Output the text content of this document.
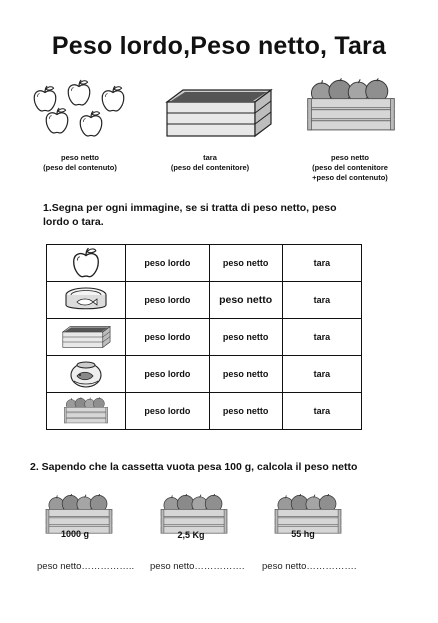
Peso lordo,Peso netto, Tara
peso netto
(peso del contenuto)
tara
(peso del contenitore)
peso netto
(peso del contenitore
+peso del contenuto)
1.Segna per ogni immagine, se si tratta di peso netto, peso
lordo o tara.
	peso lordo	peso netto	tara

	peso lordo	peso netto	tara

	peso lordo	peso netto	tara

	peso lordo	peso netto	tara

	peso lordo	peso netto	tara
2. Sapendo che la cassetta vuota pesa 100 g, calcola il peso netto
1000 g	2,5 Kg	55 hg
peso netto…………….. peso netto……………. peso netto…………….
